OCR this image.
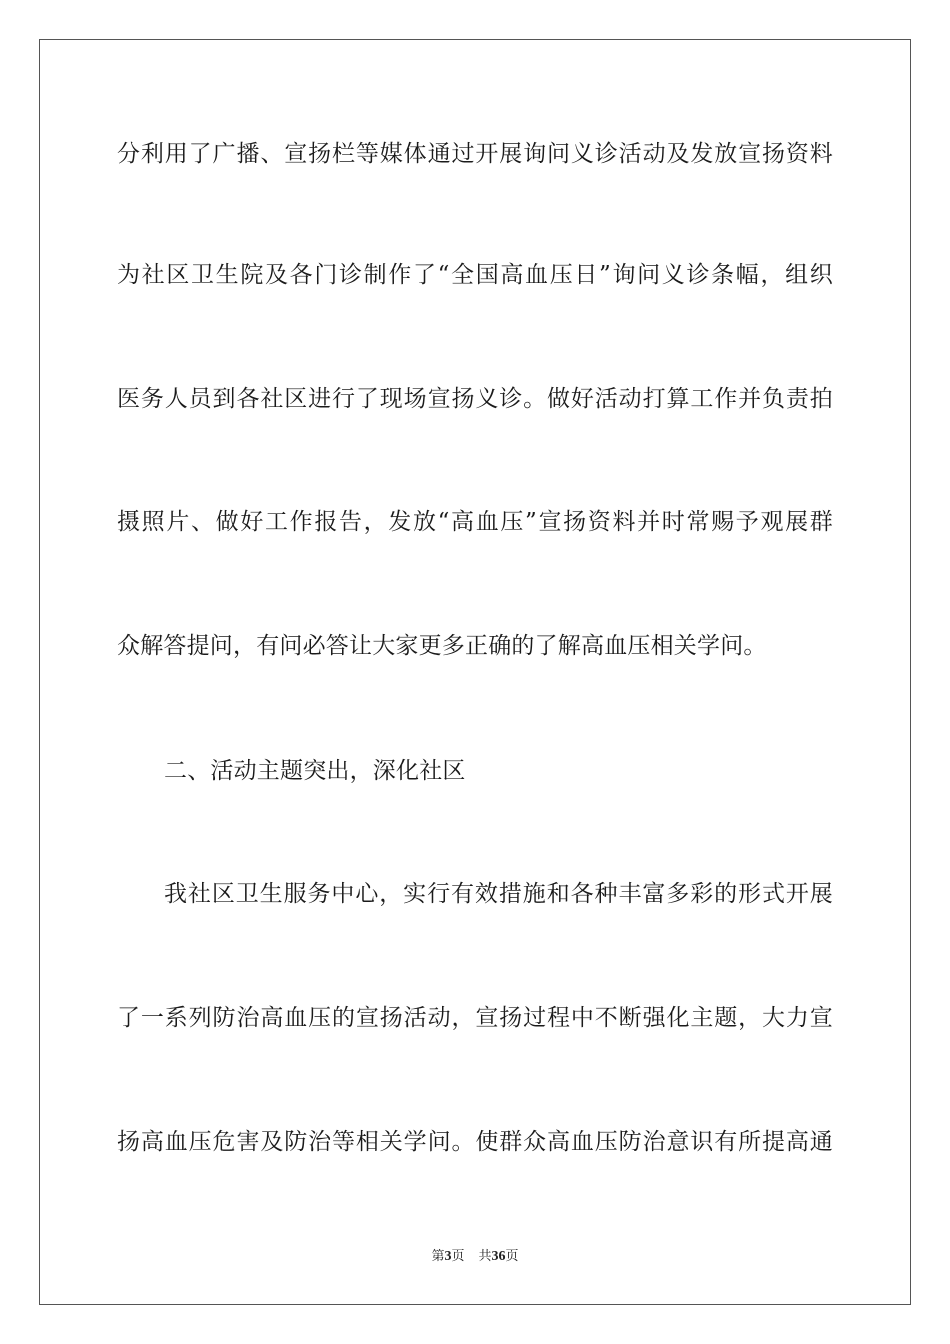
分利用了广播、宣扬栏等媒体通过开展询问义诊活动及发放宣扬资料
为社区卫生院及各门诊制作了“全国高血压日”询问义诊条幅，组织
医务人员到各社区进行了现场宣扬义诊。做好活动打算工作并负责拍
摄照片、做好工作报告，发放“高血压”宣扬资料并时常赐予观展群
众解答提问，有问必答让大家更多正确的了解高血压相关学问。
二、活动主题突出，深化社区
我社区卫生服务中心，实行有效措施和各种丰富多彩的形式开展
了一系列防治高血压的宣扬活动，宣扬过程中不断强化主题，大力宣
扬高血压危害及防治等相关学问。使群众高血压防治意识有所提高通
第3页 共36页
